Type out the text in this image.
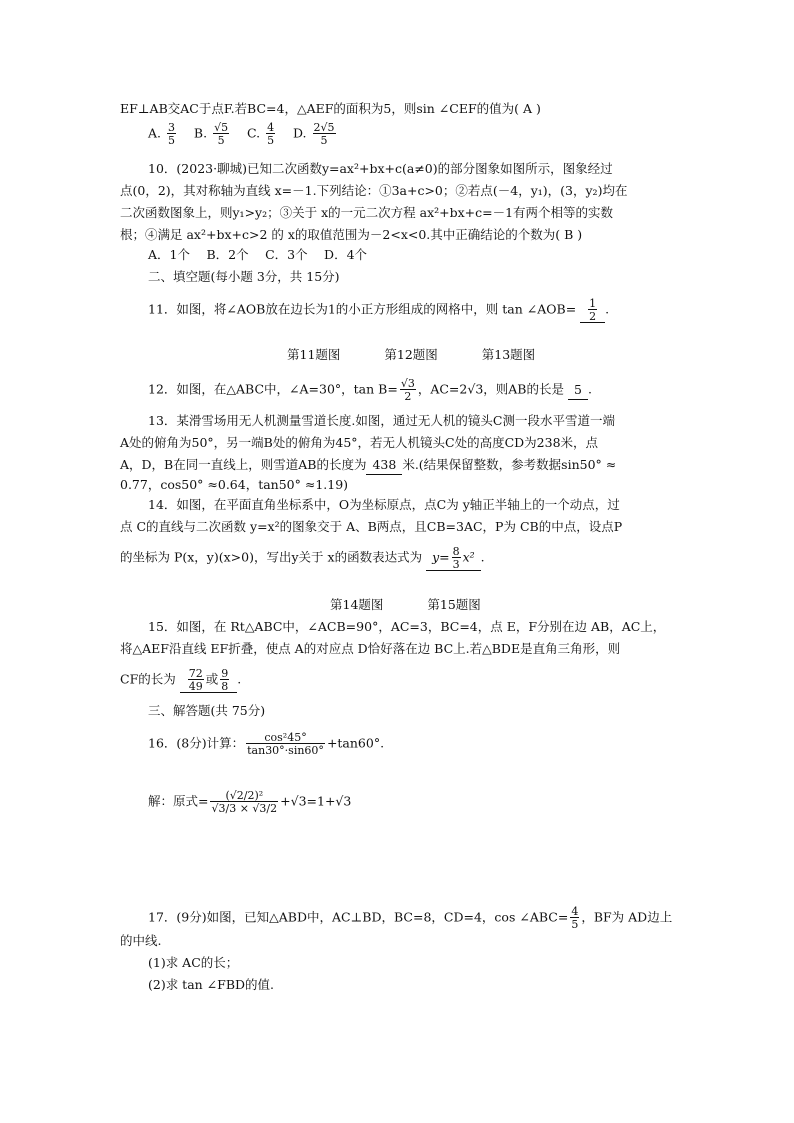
EF⊥AB交AC于点F.若BC=4，△AEF的面积为5，则sin ∠CEF的值为( A )
A. $\frac{3}{5} B$. $\frac{√5}{5} C$. $\frac{4}{5} D$. $\frac{2√5}{5}$
10．(2023·聊城)已知二次函数y=ax²+bx+c(a≠0)的部分图象如图所示，图象经过
点(0，2)，其对称轴为直线 x=－1.下列结论：①3a+c>0；②若点(－4，y₁)，(3，y₂)均在
二次函数图象上，则y₁>y₂；③关于 x的一元二次方程 ax²+bx+c=－1有两个相等的实数
根；④满足 ax²+bx+c>2 的 x的取值范围为－2<x<0.其中正确结论的个数为( B )
A．1个　 B．2个　 C．3个　 D．4个
二、填空题(每小题 3分，共 15分)
11．如图，将∠AOB放在边长为1的小正方形组成的网格中，则 tan ∠AOB= $\frac{1}{2}$ .
第11题图	第12题图	第13题图
12．如图，在△ABC中，∠A=30°，$\tan B= \frac{√3}{2}$ ，AC=2√3，则AB的长是 5 .
13．某滑雪场用无人机测量雪道长度.如图，通过无人机的镜头C测一段水平雪道一端
A处的俯角为50°，另一端B处的俯角为45°，若无人机镜头C处的高度CD为238米，点
A，D，B在同一直线上，则雪道AB的长度为 438 米.(结果保留整数，参考数据sin50° ≈
0.77，cos50° ≈0.64，tan50° ≈1.19)
14．如图，在平面直角坐标系中，O为坐标原点，点C为 y轴正半轴上的一个动点，过
点 C的直线与二次函数 y=x²的图象交于 A、B两点，且CB=3AC，P为 CB的中点，设点P
的坐标为 P(x，y)(x>0)，写出y关于 x的函数表达式为 $y= \frac{8}{3} x^2$ .
第14题图	第15题图
15．如图，在 Rt△ABC中，∠ACB=90°，AC=3，BC=4，点 E，F分别在边 AB，AC上，
将△AEF沿直线 EF折叠，使点 A的对应点 D恰好落在边 BC上.若△BDE是直角三角形，则
CF的长为 $\frac{72}{49}$ 或 $\frac{9}{8}$ .
三、解答题(共 75分)
16．(8分)计算： $\frac{\text{cos²45°}}{\tan 30^\circ\cdot\sin 60^\circ} +\tan 60^\circ$.
解：原式= $\frac{\text{(√2/2)²}}{√3/3 \times √3/2} +√3=1+√3$
17．(9分)如图，已知△ABD中，AC⊥BD，BC=8，CD=4，cos ∠ABC= $\frac{4}{5}$ ，BF为 AD边上
的中线.
(1)求 AC的长；
(2)求 tan ∠FBD的值.
